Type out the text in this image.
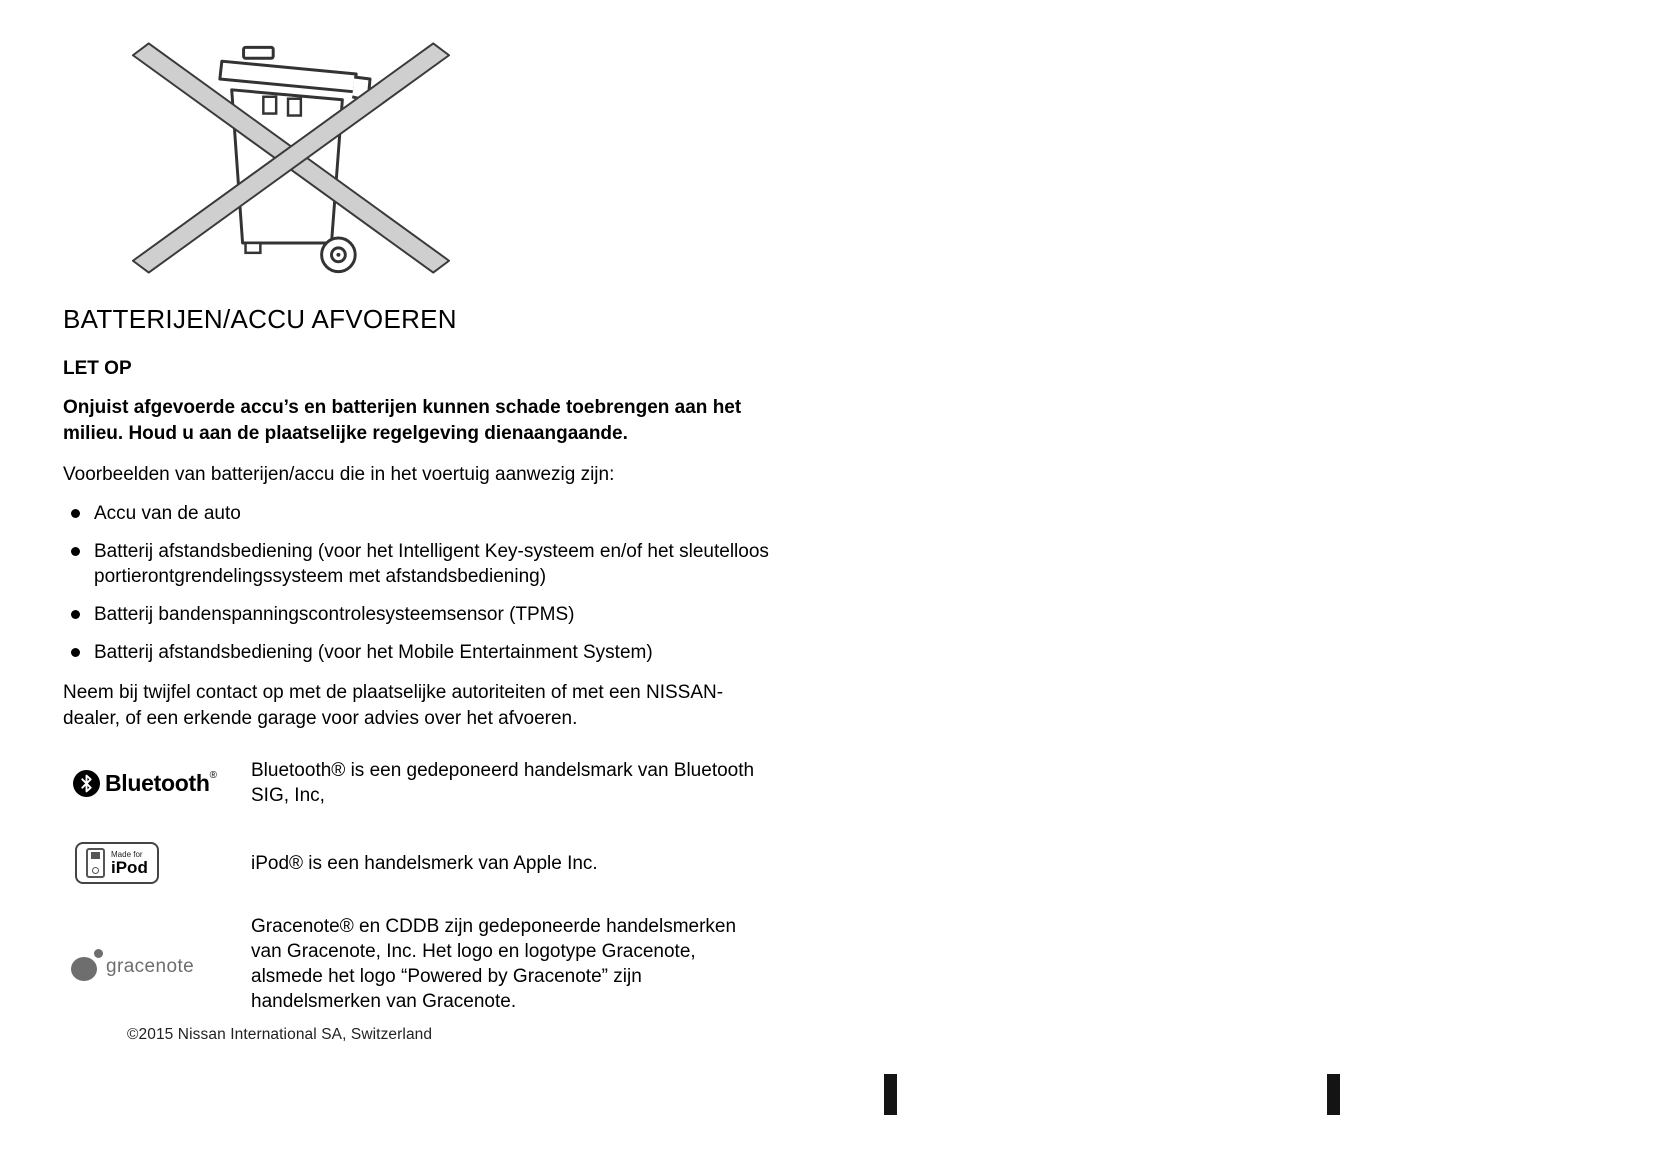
BATTERIJEN/ACCU AFVOEREN
LET OP
Onjuist afgevoerde accu’s en batterijen kunnen schade toebrengen aan het milieu. Houd u aan de plaatselijke regelgeving dienaangaande.
Voorbeelden van batterijen/accu die in het voertuig aanwezig zijn:
Accu van de auto
Batterij afstandsbediening (voor het Intelligent Key-systeem en/of het sleutelloos portierontgrendelingssysteem met afstandsbediening)
Batterij bandenspanningscontrolesysteemsensor (TPMS)
Batterij afstandsbediening (voor het Mobile Entertainment System)
Neem bij twijfel contact op met de plaatselijke autoriteiten of met een NISSAN-dealer, of een erkende garage voor advies over het afvoeren.
Bluetooth ® Bluetooth® is een gedeponeerd handelsmark van Bluetooth SIG, Inc,
Made for
iPod	iPod® is een handelsmerk van Apple Inc.
gracenote
Gracenote® en CDDB zijn gedeponeerde handelsmerken van Gracenote, Inc. Het logo en logotype Gracenote, alsmede het logo “Powered by Gracenote” zijn handelsmerken van Gracenote.
©2015 Nissan International SA, Switzerland
